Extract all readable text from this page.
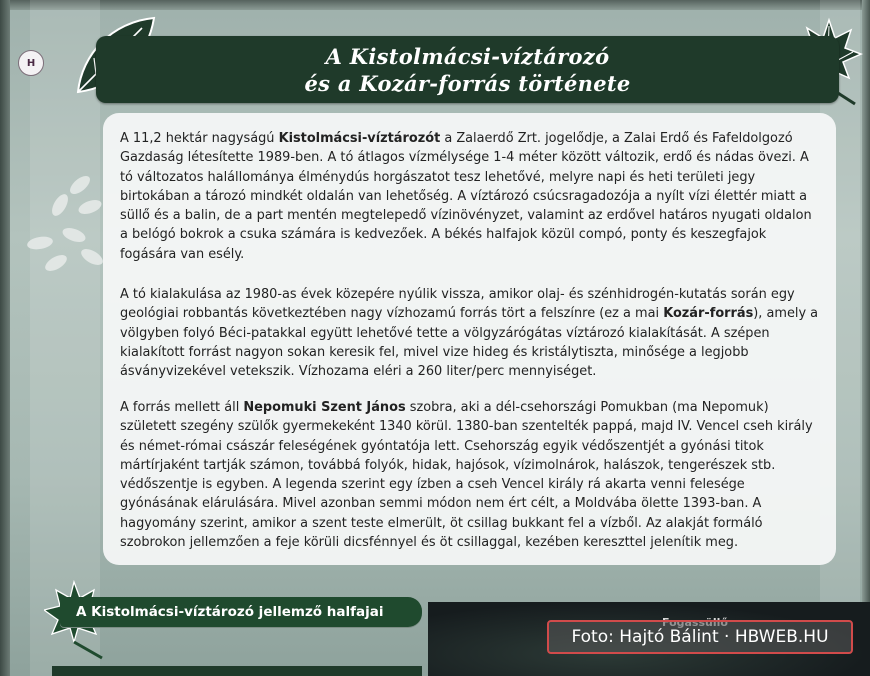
H	A Kistolmácsi-víztározó
és a Kozár-forrás története

A 11,2 hektár nagyságú Kistolmácsi-víztározót a Zalaerdő Zrt. jogelődje, a Zalai Erdő és Fafeldolgozó Gazdaság létesítette 1989-ben. A tó átlagos vízmélysége 1-4 méter között változik, erdő és nádas övezi. A tó változatos halállománya élménydús horgászatot tesz lehetővé, melyre napi és heti területi jegy birtokában a tározó mindkét oldalán van lehetőség. A víztározó csúcsragadozója a nyílt vízi élettér miatt a süllő és a balin, de a part mentén megtelepedő vízinövényzet, valamint az erdővel határos nyugati oldalon a belógó bokrok a csuka számára is kedvezőek. A békés halfajok közül compó, ponty és keszegfajok fogására van esély.

A tó kialakulása az 1980-as évek közepére nyúlik vissza, amikor olaj- és szénhidrogén-kutatás során egy geológiai robbantás következtében nagy vízhozamú forrás tört a felszínre (ez a mai Kozár-forrás), amely a völgyben folyó Béci-patakkal együtt lehetővé tette a völgyzárógátas víztározó kialakítását. A szépen kialakított forrást nagyon sokan keresik fel, mivel vize hideg és kristálytiszta, minősége a legjobb ásványvizekével vetekszik. Vízhozama eléri a 260 liter/perc mennyiséget.

A forrás mellett áll Nepomuki Szent János szobra, aki a dél-csehországi Pomukban (ma Nepomuk) született szegény szülők gyermekeként 1340 körül. 1380-ban szentelték pappá, majd IV. Vencel cseh király és német-római császár feleségének gyóntatója lett. Csehország egyik védőszentjét a gyónási titok mártírjaként tartják számon, továbbá folyók, hidak, hajósok, vízimolnárok, halászok, tengerészek stb. védőszentje is egyben. A legenda szerint egy ízben a cseh Vencel király rá akarta venni felesége gyónásának elárulására. Mivel azonban semmi módon nem ért célt, a Moldvába ölette 1393-ban. A hagyomány szerint, amikor a szent teste elmerült, öt csillag bukkant fel a vízből. Az alakját formáló szobrokon jellemzően a feje körüli dicsfénnyel és öt csillaggal, kezében kereszttel jelenítik meg.

A Kistolmácsi-víztározó jellemző halfajai
Foto: Hajtó Bálint · HBWEB.HU
